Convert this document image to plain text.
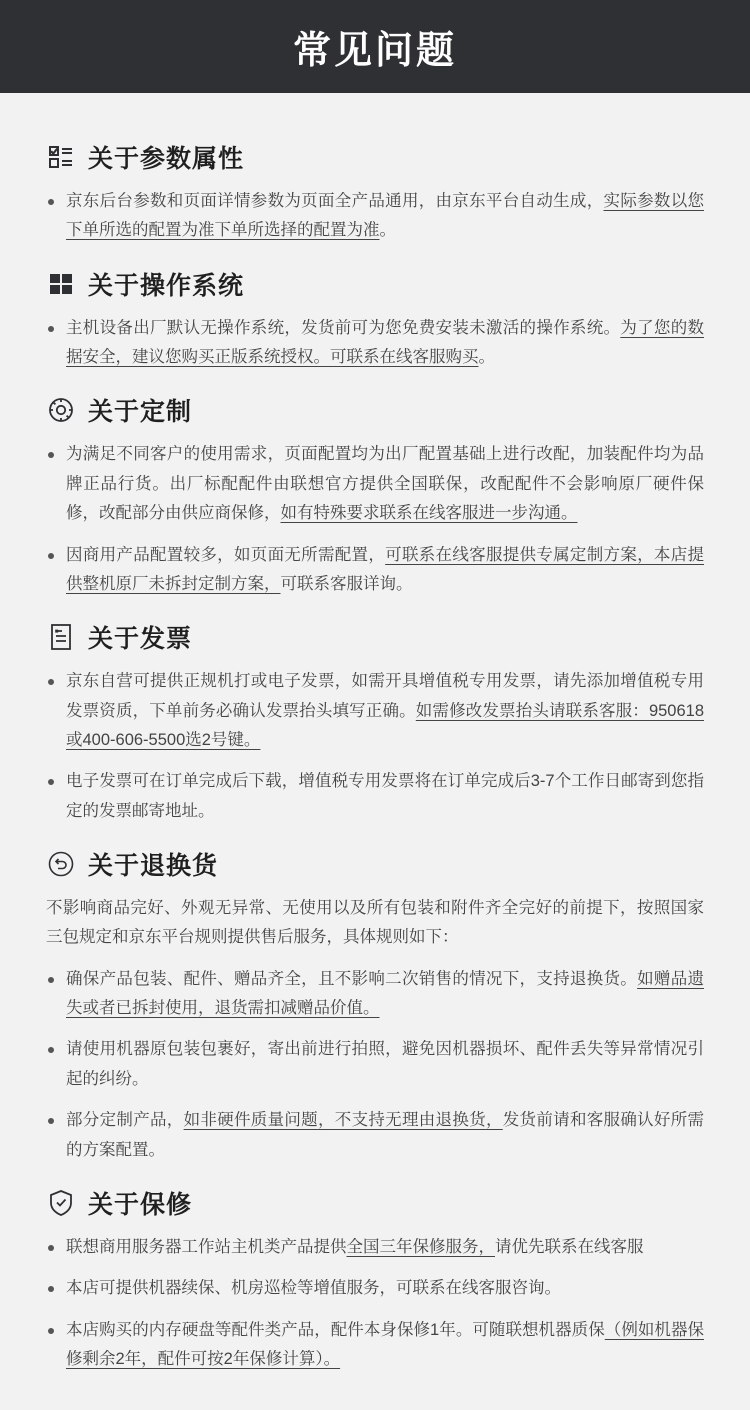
常见问题
关于参数属性
京东后台参数和页面详情参数为页面全产品通用，由京东平台自动生成，实际参数以您下单所选的配置为准下单所选择的配置为准。
关于操作系统
主机设备出厂默认无操作系统，发货前可为您免费安装未激活的操作系统。为了您的数据安全，建议您购买正版系统授权。可联系在线客服购买。
关于定制
为满足不同客户的使用需求，页面配置均为出厂配置基础上进行改配，加装配件均为品牌正品行货。出厂标配配件由联想官方提供全国联保，改配配件不会影响原厂硬件保修，改配部分由供应商保修，如有特殊要求联系在线客服进一步沟通。
因商用产品配置较多，如页面无所需配置，可联系在线客服提供专属定制方案，本店提供整机原厂未拆封定制方案，可联系客服详询。
关于发票
京东自营可提供正规机打或电子发票，如需开具增值税专用发票，请先添加增值税专用发票资质，下单前务必确认发票抬头填写正确。如需修改发票抬头请联系客服：950618或400-606-5500选2号键。
电子发票可在订单完成后下载，增值税专用发票将在订单完成后3-7个工作日邮寄到您指定的发票邮寄地址。
关于退换货

不影响商品完好、外观无异常、无使用以及所有包装和附件齐全完好的前提下，按照国家三包规定和京东平台规则提供售后服务，具体规则如下：

确保产品包装、配件、赠品齐全，且不影响二次销售的情况下，支持退换货。如赠品遗失或者已拆封使用，退货需扣减赠品价值。
请使用机器原包装包裹好，寄出前进行拍照，避免因机器损坏、配件丢失等异常情况引起的纠纷。
部分定制产品，如非硬件质量问题，不支持无理由退换货，发货前请和客服确认好所需的方案配置。
关于保修
联想商用服务器工作站主机类产品提供全国三年保修服务，请优先联系在线客服
本店可提供机器续保、机房巡检等增值服务，可联系在线客服咨询。
本店购买的内存硬盘等配件类产品，配件本身保修1年。可随联想机器质保（例如机器保修剩余2年，配件可按2年保修计算）。
